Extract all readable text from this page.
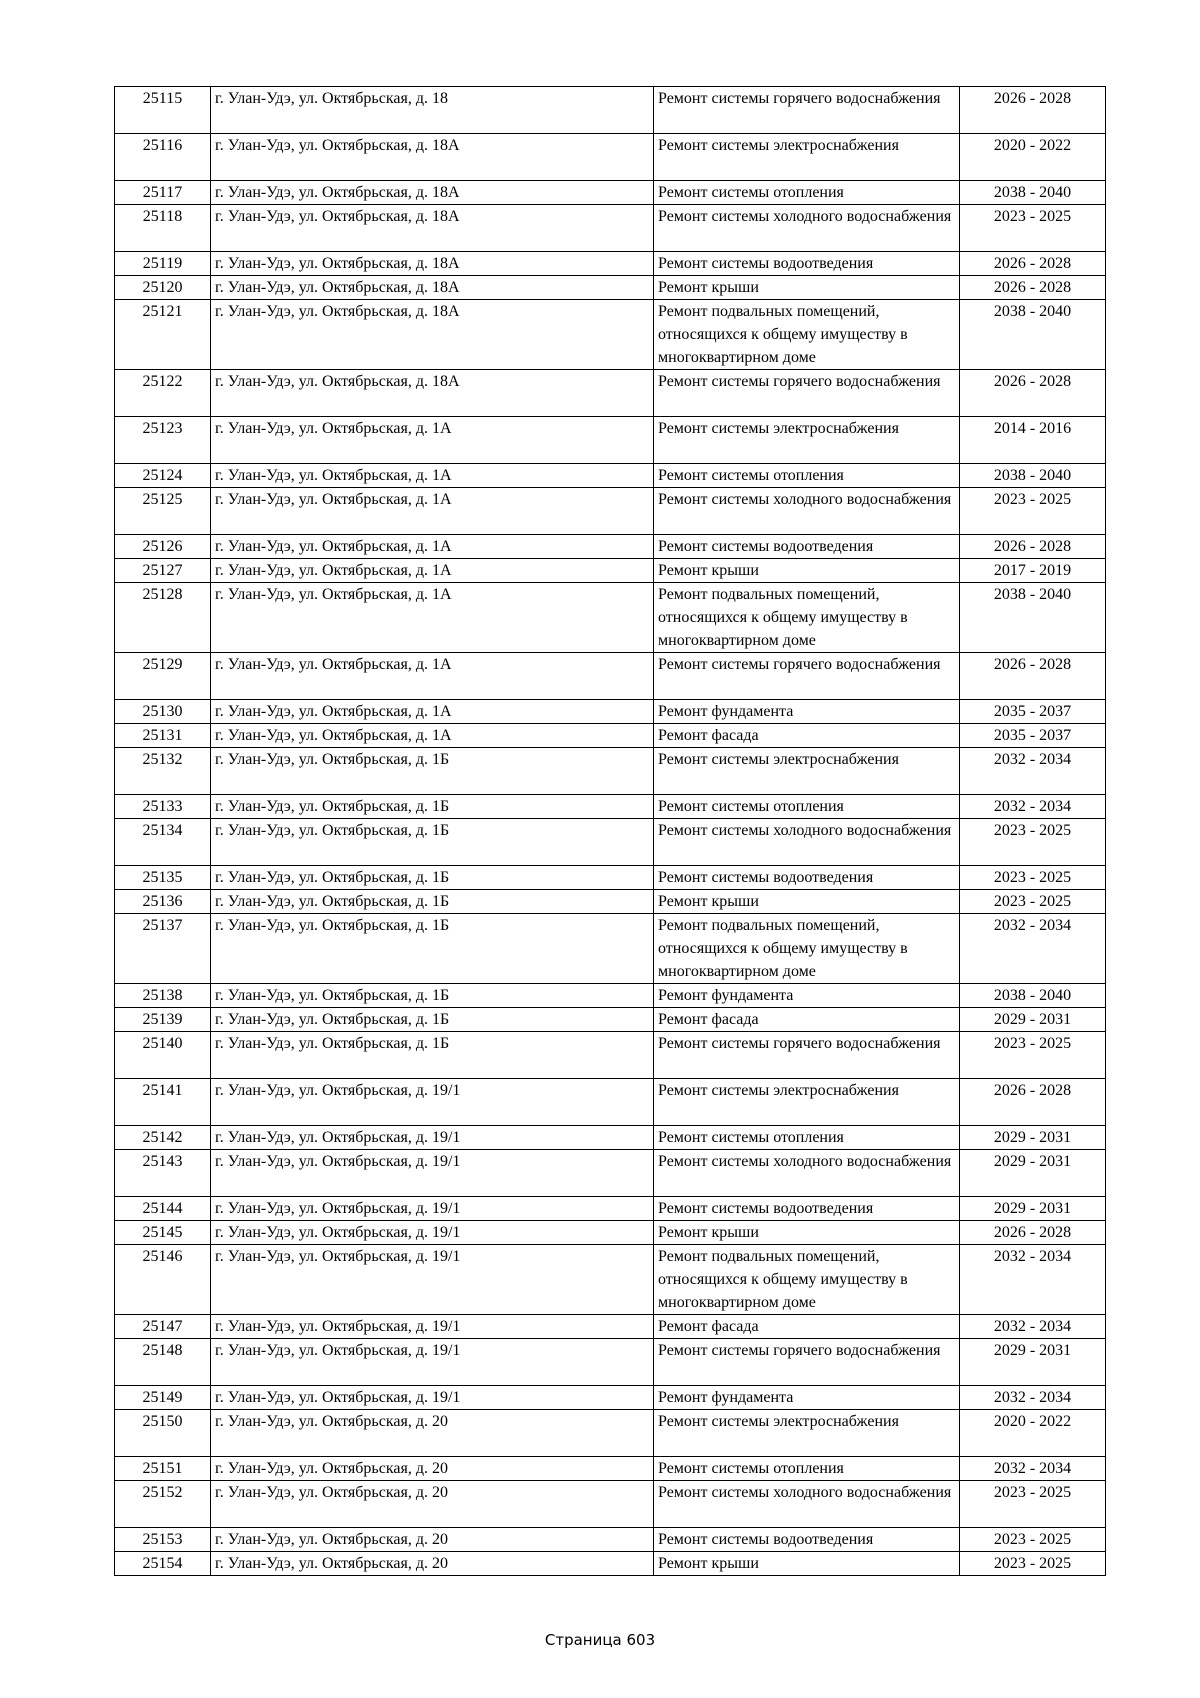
25115	г. Улан-Удэ, ул. Октябрьская, д. 18	Ремонт системы горячего водоснабжения	2026 - 2028
25116	г. Улан-Удэ, ул. Октябрьская, д. 18А	Ремонт системы электроснабжения	2020 - 2022
25117	г. Улан-Удэ, ул. Октябрьская, д. 18А	Ремонт системы отопления	2038 - 2040
25118	г. Улан-Удэ, ул. Октябрьская, д. 18А	Ремонт системы холодного водоснабжения	2023 - 2025
25119	г. Улан-Удэ, ул. Октябрьская, д. 18А	Ремонт системы водоотведения	2026 - 2028
25120	г. Улан-Удэ, ул. Октябрьская, д. 18А	Ремонт крыши	2026 - 2028
25121	г. Улан-Удэ, ул. Октябрьская, д. 18А	Ремонт подвальных помещений, относящихся к общему имуществу в многоквартирном доме	2038 - 2040
25122	г. Улан-Удэ, ул. Октябрьская, д. 18А	Ремонт системы горячего водоснабжения	2026 - 2028
25123	г. Улан-Удэ, ул. Октябрьская, д. 1А	Ремонт системы электроснабжения	2014 - 2016
25124	г. Улан-Удэ, ул. Октябрьская, д. 1А	Ремонт системы отопления	2038 - 2040
25125	г. Улан-Удэ, ул. Октябрьская, д. 1А	Ремонт системы холодного водоснабжения	2023 - 2025
25126	г. Улан-Удэ, ул. Октябрьская, д. 1А	Ремонт системы водоотведения	2026 - 2028
25127	г. Улан-Удэ, ул. Октябрьская, д. 1А	Ремонт крыши	2017 - 2019
25128	г. Улан-Удэ, ул. Октябрьская, д. 1А	Ремонт подвальных помещений, относящихся к общему имуществу в многоквартирном доме	2038 - 2040
25129	г. Улан-Удэ, ул. Октябрьская, д. 1А	Ремонт системы горячего водоснабжения	2026 - 2028
25130	г. Улан-Удэ, ул. Октябрьская, д. 1А	Ремонт фундамента	2035 - 2037
25131	г. Улан-Удэ, ул. Октябрьская, д. 1А	Ремонт фасада	2035 - 2037
25132	г. Улан-Удэ, ул. Октябрьская, д. 1Б	Ремонт системы электроснабжения	2032 - 2034
25133	г. Улан-Удэ, ул. Октябрьская, д. 1Б	Ремонт системы отопления	2032 - 2034
25134	г. Улан-Удэ, ул. Октябрьская, д. 1Б	Ремонт системы холодного водоснабжения	2023 - 2025
25135	г. Улан-Удэ, ул. Октябрьская, д. 1Б	Ремонт системы водоотведения	2023 - 2025
25136	г. Улан-Удэ, ул. Октябрьская, д. 1Б	Ремонт крыши	2023 - 2025
25137	г. Улан-Удэ, ул. Октябрьская, д. 1Б	Ремонт подвальных помещений, относящихся к общему имуществу в многоквартирном доме	2032 - 2034
25138	г. Улан-Удэ, ул. Октябрьская, д. 1Б	Ремонт фундамента	2038 - 2040
25139	г. Улан-Удэ, ул. Октябрьская, д. 1Б	Ремонт фасада	2029 - 2031
25140	г. Улан-Удэ, ул. Октябрьская, д. 1Б	Ремонт системы горячего водоснабжения	2023 - 2025
25141	г. Улан-Удэ, ул. Октябрьская, д. 19/1	Ремонт системы электроснабжения	2026 - 2028
25142	г. Улан-Удэ, ул. Октябрьская, д. 19/1	Ремонт системы отопления	2029 - 2031
25143	г. Улан-Удэ, ул. Октябрьская, д. 19/1	Ремонт системы холодного водоснабжения	2029 - 2031
25144	г. Улан-Удэ, ул. Октябрьская, д. 19/1	Ремонт системы водоотведения	2029 - 2031
25145	г. Улан-Удэ, ул. Октябрьская, д. 19/1	Ремонт крыши	2026 - 2028
25146	г. Улан-Удэ, ул. Октябрьская, д. 19/1	Ремонт подвальных помещений, относящихся к общему имуществу в многоквартирном доме	2032 - 2034
25147	г. Улан-Удэ, ул. Октябрьская, д. 19/1	Ремонт фасада	2032 - 2034
25148	г. Улан-Удэ, ул. Октябрьская, д. 19/1	Ремонт системы горячего водоснабжения	2029 - 2031
25149	г. Улан-Удэ, ул. Октябрьская, д. 19/1	Ремонт фундамента	2032 - 2034
25150	г. Улан-Удэ, ул. Октябрьская, д. 20	Ремонт системы электроснабжения	2020 - 2022
25151	г. Улан-Удэ, ул. Октябрьская, д. 20	Ремонт системы отопления	2032 - 2034
25152	г. Улан-Удэ, ул. Октябрьская, д. 20	Ремонт системы холодного водоснабжения	2023 - 2025
25153	г. Улан-Удэ, ул. Октябрьская, д. 20	Ремонт системы водоотведения	2023 - 2025
25154	г. Улан-Удэ, ул. Октябрьская, д. 20	Ремонт крыши	2023 - 2025
Страница 603
